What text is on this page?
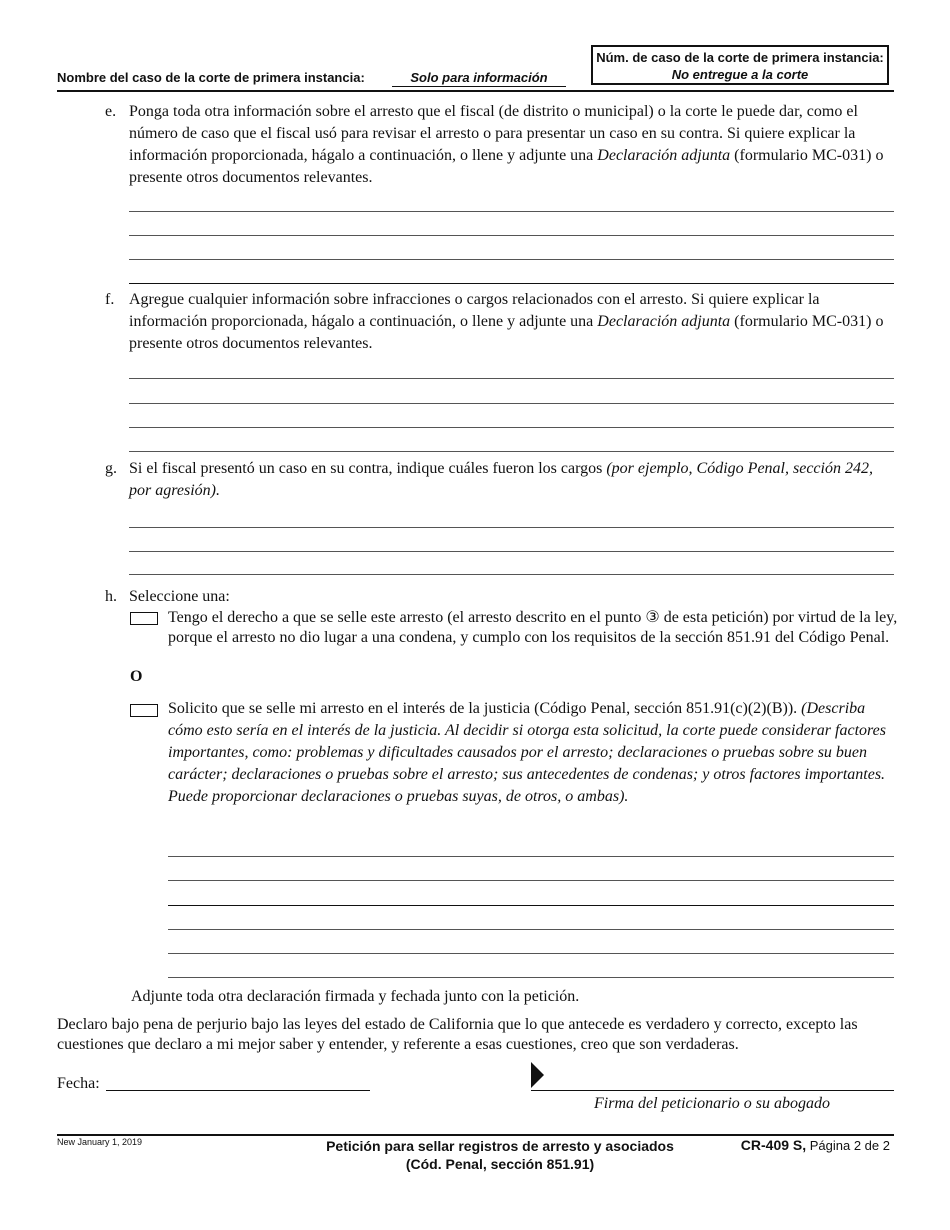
Nombre del caso de la corte de primera instancia:	Solo para información
Núm. de caso de la corte de primera instancia:
No entregue a la corte
e. Ponga toda otra información sobre el arresto que el fiscal (de distrito o municipal) o la corte le puede dar, como el número de caso que el fiscal usó para revisar el arresto o para presentar un caso en su contra. Si quiere explicar la información proporcionada, hágalo a continuación, o llene y adjunte una Declaración adjunta (formulario MC-031) o presente otros documentos relevantes.
f. Agregue cualquier información sobre infracciones o cargos relacionados con el arresto. Si quiere explicar la información proporcionada, hágalo a continuación, o llene y adjunte una Declaración adjunta (formulario MC-031) o presente otros documentos relevantes.
g. Si el fiscal presentó un caso en su contra, indique cuáles fueron los cargos (por ejemplo, Código Penal, sección 242, por agresión).
h. Seleccione una:
Tengo el derecho a que se selle este arresto (el arresto descrito en el punto ③ de esta petición) por virtud de la ley, porque el arresto no dio lugar a una condena, y cumplo con los requisitos de la sección 851.91 del Código Penal.
O
Solicito que se selle mi arresto en el interés de la justicia (Código Penal, sección 851.91(c)(2)(B)). (Describa cómo esto sería en el interés de la justicia. Al decidir si otorga esta solicitud, la corte puede considerar factores importantes, como: problemas y dificultades causados por el arresto; declaraciones o pruebas sobre su buen carácter; declaraciones o pruebas sobre el arresto; sus antecedentes de condenas; y otros factores importantes. Puede proporcionar declaraciones o pruebas suyas, de otros, o ambas).
Adjunte toda otra declaración firmada y fechada junto con la petición.
Declaro bajo pena de perjurio bajo las leyes del estado de California que lo que antecede es verdadero y correcto, excepto las cuestiones que declaro a mi mejor saber y entender, y referente a esas cuestiones, creo que son verdaderas.
Fecha:
Firma del peticionario o su abogado
New January 1, 2019	Petición para sellar registros de arresto y asociados
(Cód. Penal, sección 851.91)
CR-409 S, Página 2 de 2
